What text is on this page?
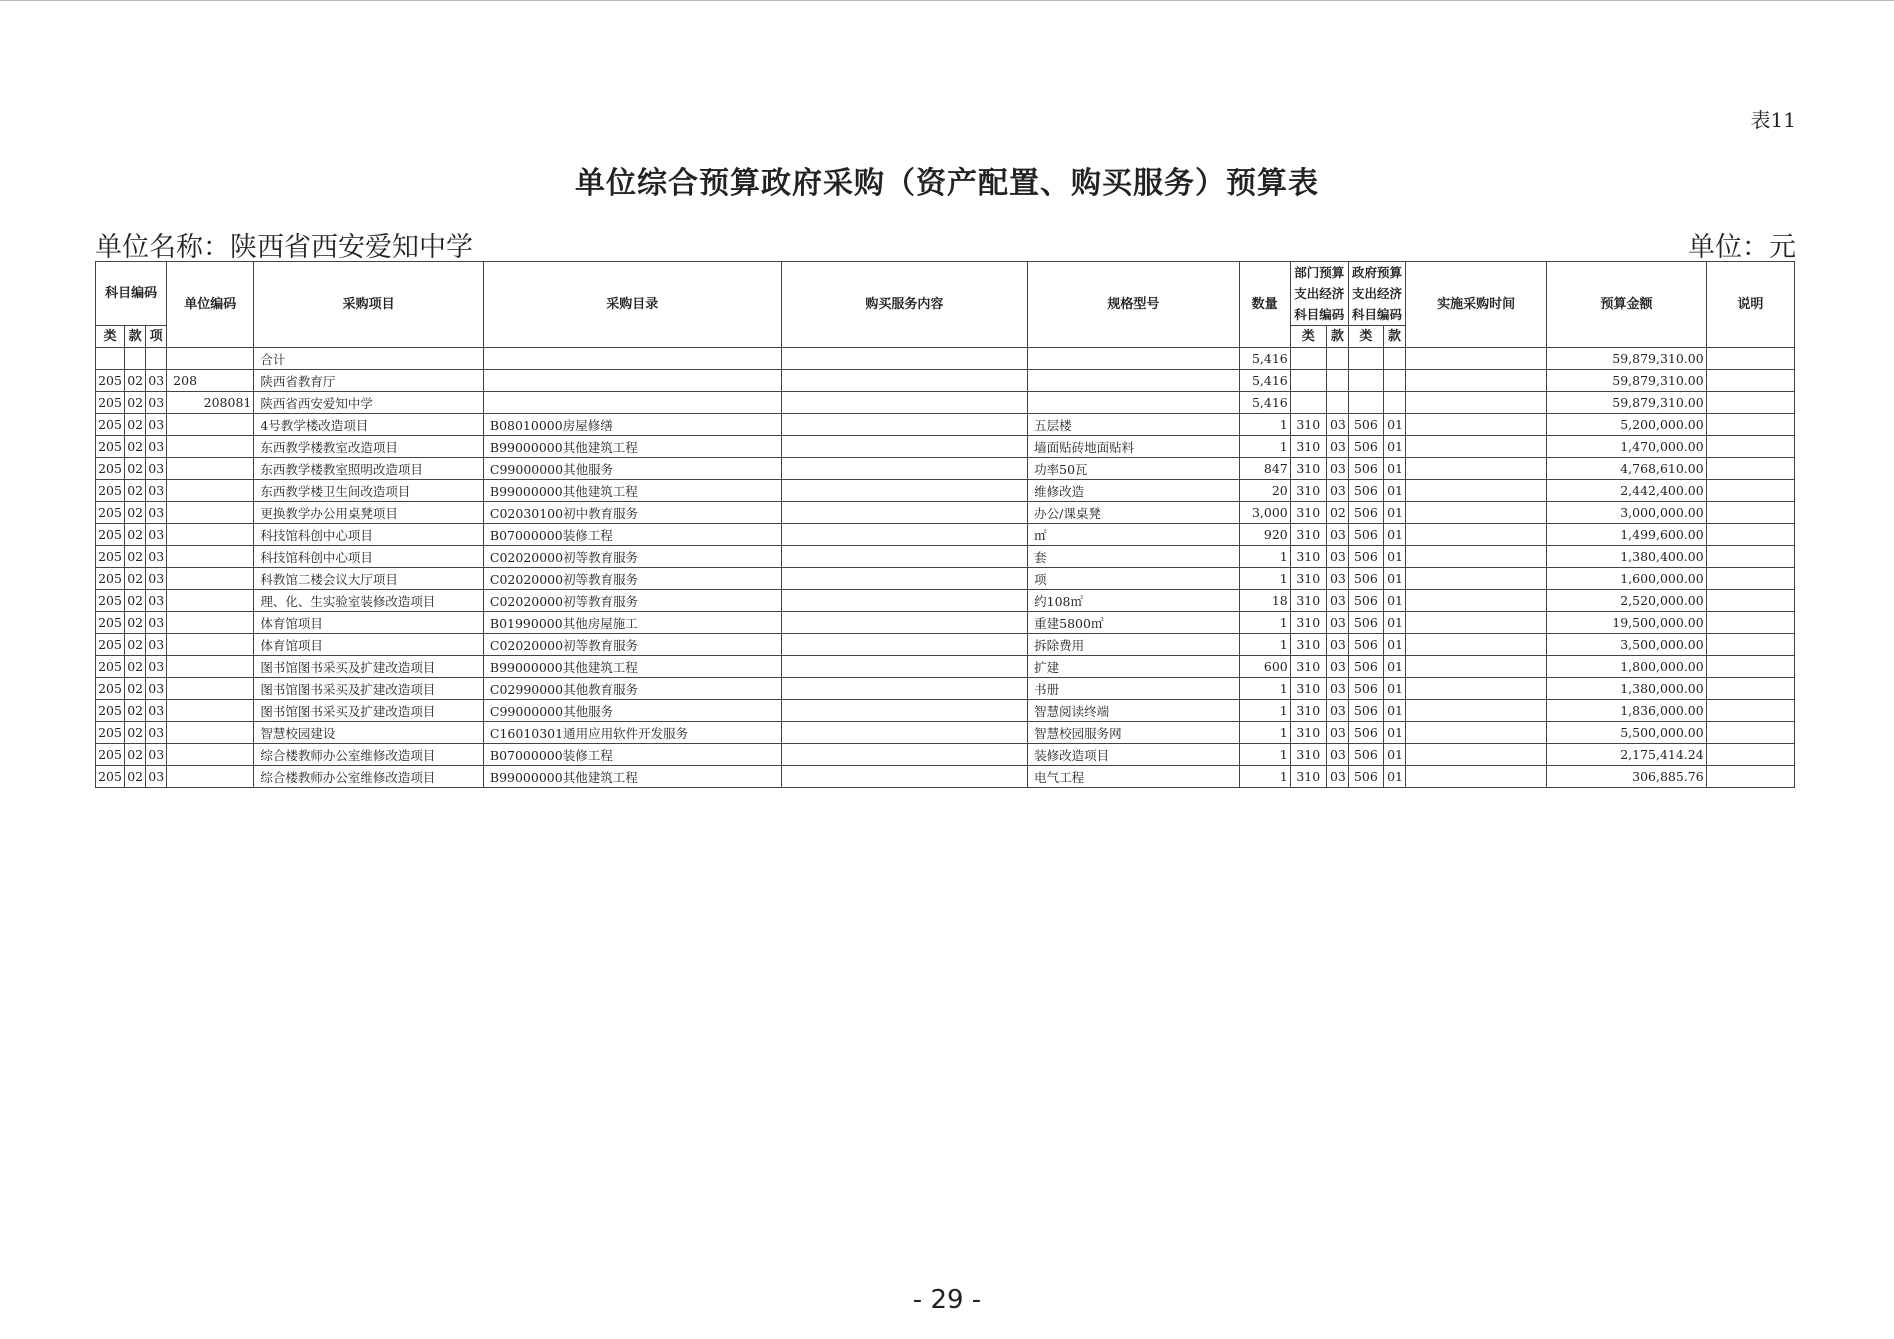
表11
单位综合预算政府采购（资产配置、购买服务）预算表
单位名称：陕西省西安爱知中学	单位：元
科目编码			单位编码	采购项目	采购目录	购买服务内容	规格型号	数量	部门预算支出经济科目编码		政府预算支出经济科目编码		实施采购时间	预算金额	说明
类	款	项							类	款	类	款			
				合计				5,416						59,879,310.00	
205	02	03	208	陕西省教育厅				5,416						59,879,310.00	
205	02	03	208081	陕西省西安爱知中学				5,416						59,879,310.00	
205	02	03		4号教学楼改造项目	B08010000房屋修缮		五层楼	1	310	03	506	01		5,200,000.00	
205	02	03		东西教学楼教室改造项目	B99000000其他建筑工程		墙面贴砖地面贴料	1	310	03	506	01		1,470,000.00	
205	02	03		东西教学楼教室照明改造项目	C99000000其他服务		功率50瓦	847	310	03	506	01		4,768,610.00	
205	02	03		东西教学楼卫生间改造项目	B99000000其他建筑工程		维修改造	20	310	03	506	01		2,442,400.00	
205	02	03		更换教学办公用桌凳项目	C02030100初中教育服务		办公/课桌凳	3,000	310	02	506	01		3,000,000.00	
205	02	03		科技馆科创中心项目	B07000000装修工程		㎡	920	310	03	506	01		1,499,600.00	
205	02	03		科技馆科创中心项目	C02020000初等教育服务		套	1	310	03	506	01		1,380,400.00	
205	02	03		科教馆二楼会议大厅项目	C02020000初等教育服务		项	1	310	03	506	01		1,600,000.00	
205	02	03		理、化、生实验室装修改造项目	C02020000初等教育服务		约108㎡	18	310	03	506	01		2,520,000.00	
205	02	03		体育馆项目	B01990000其他房屋施工		重建5800㎡	1	310	03	506	01		19,500,000.00	
205	02	03		体育馆项目	C02020000初等教育服务		拆除费用	1	310	03	506	01		3,500,000.00	
205	02	03		图书馆图书采买及扩建改造项目	B99000000其他建筑工程		扩建	600	310	03	506	01		1,800,000.00	
205	02	03		图书馆图书采买及扩建改造项目	C02990000其他教育服务		书册	1	310	03	506	01		1,380,000.00	
205	02	03		图书馆图书采买及扩建改造项目	C99000000其他服务		智慧阅读终端	1	310	03	506	01		1,836,000.00	
205	02	03		智慧校园建设	C16010301通用应用软件开发服务		智慧校园服务网	1	310	03	506	01		5,500,000.00	
205	02	03		综合楼教师办公室维修改造项目	B07000000装修工程		装修改造项目	1	310	03	506	01		2,175,414.24	
205	02	03		综合楼教师办公室维修改造项目	B99000000其他建筑工程		电气工程	1	310	03	506	01		306,885.76	
- 29 -
